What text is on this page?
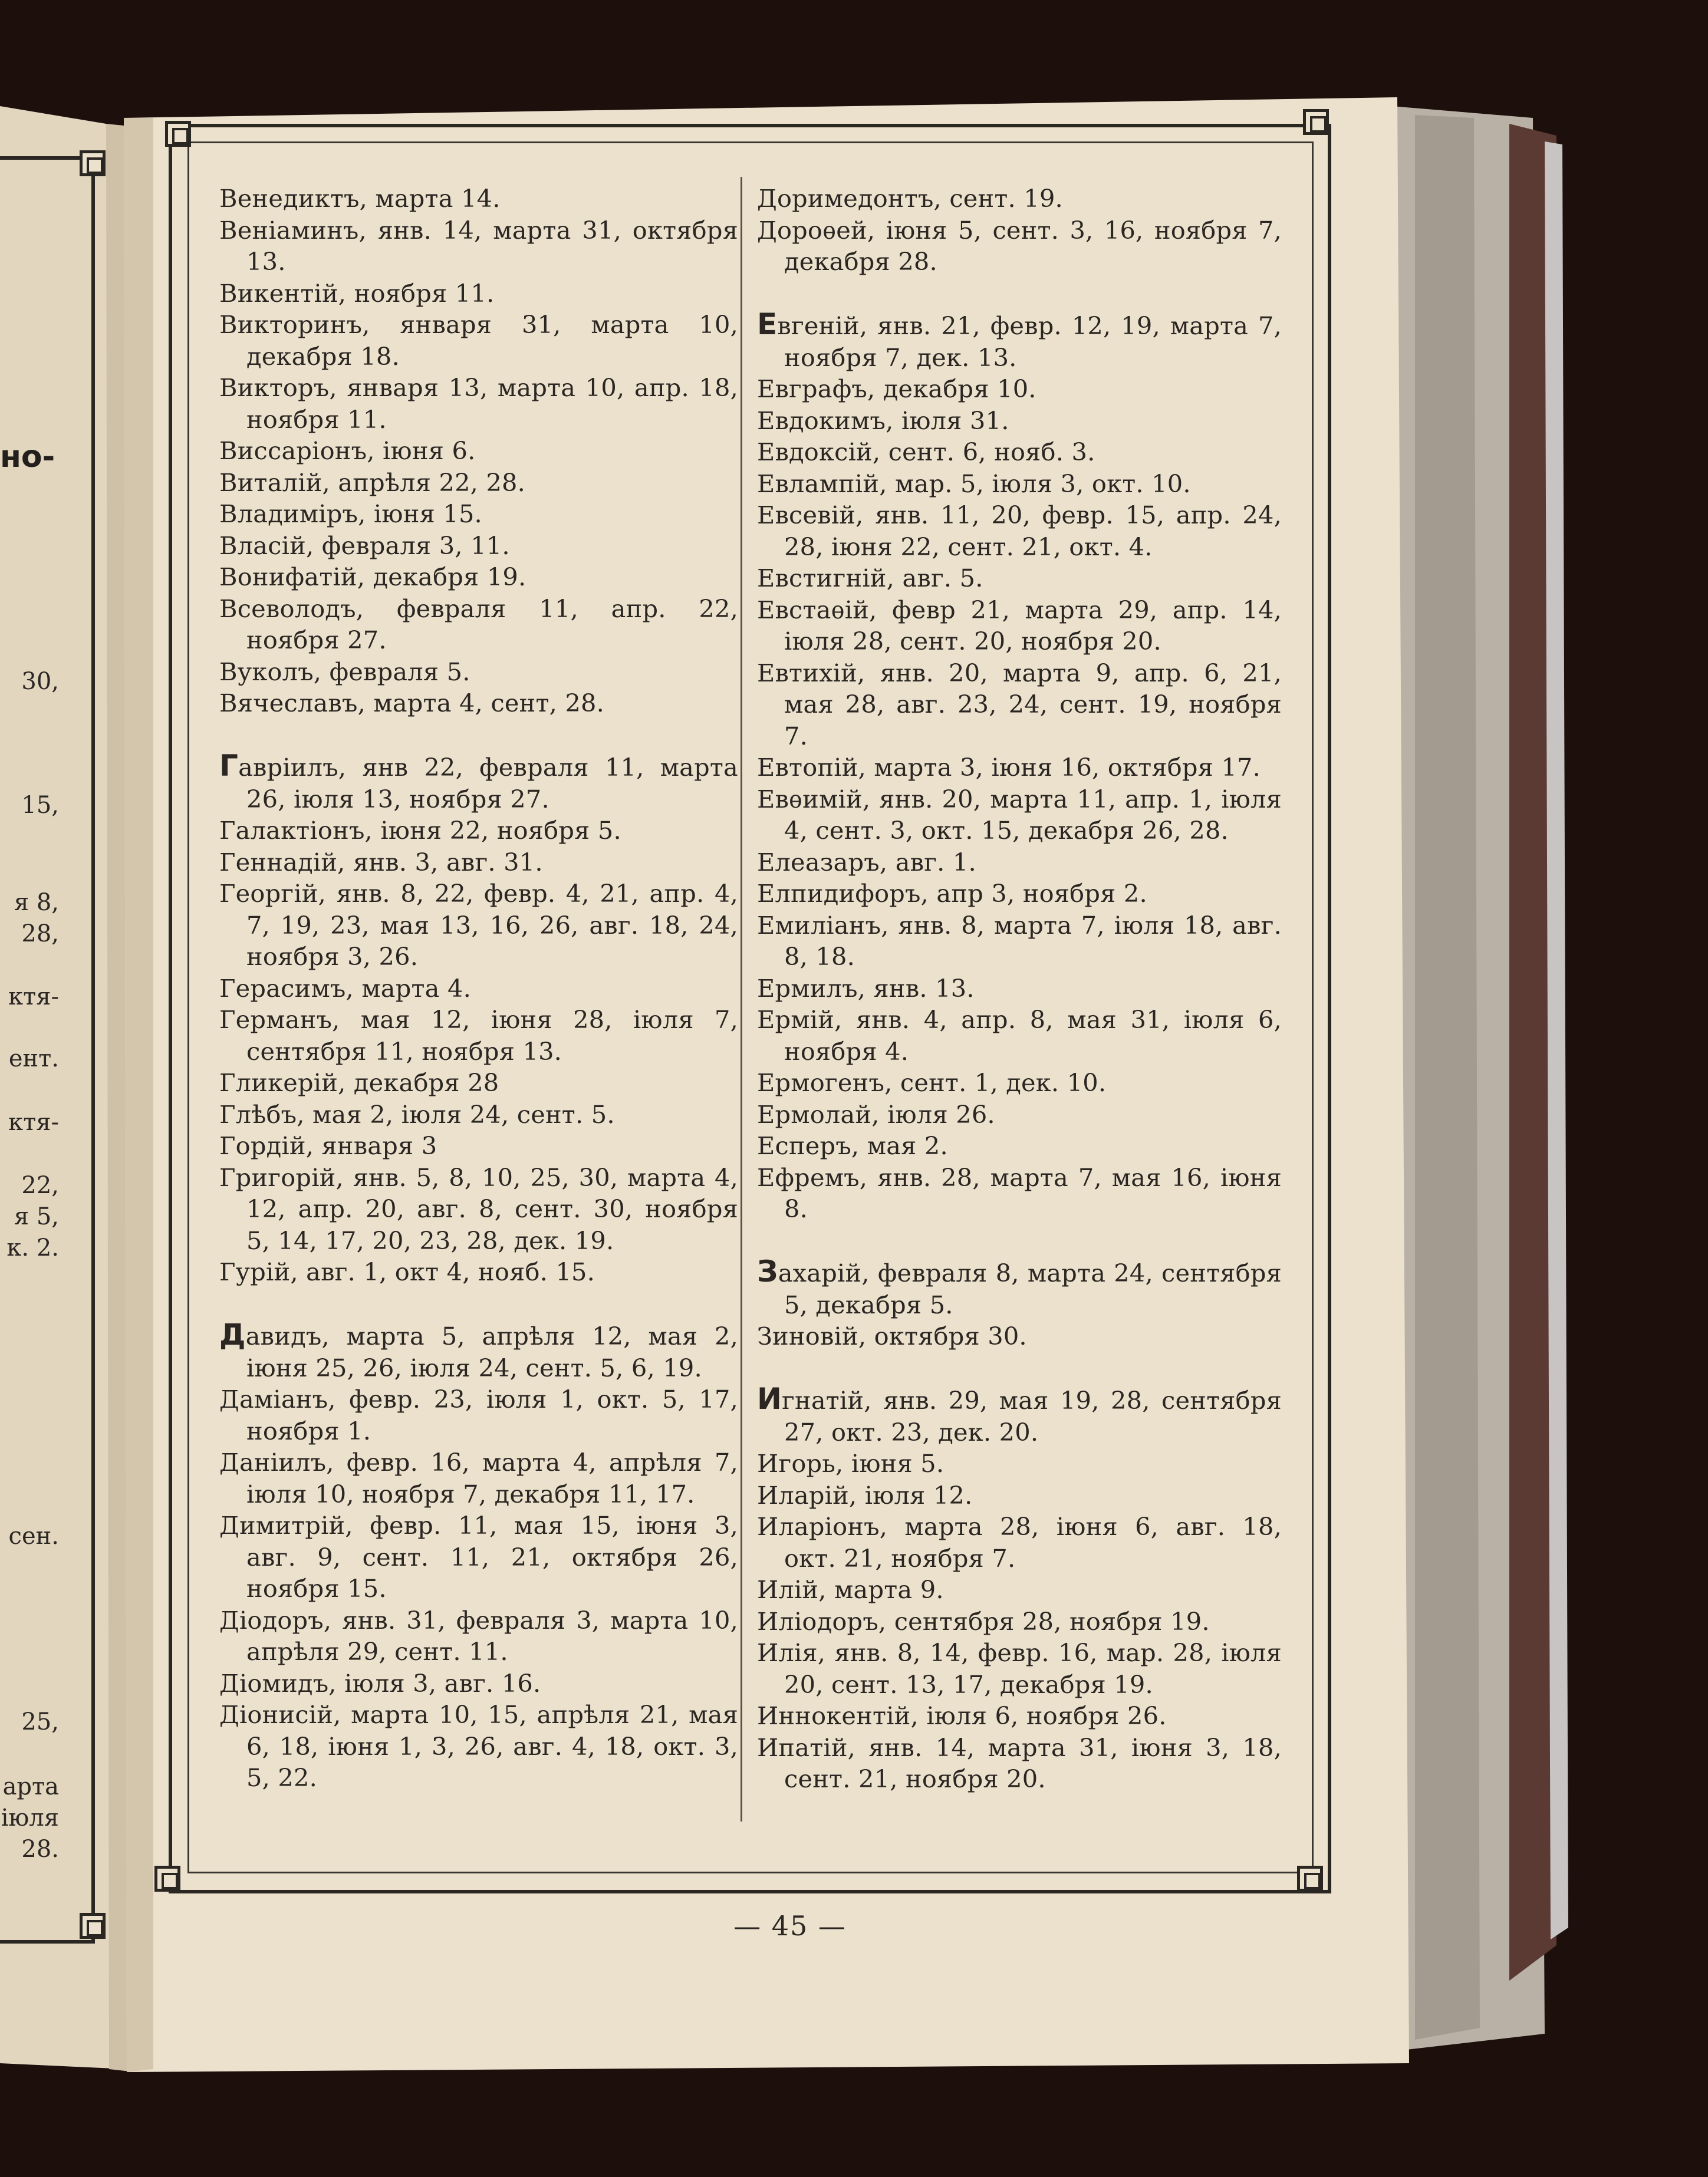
но-
30,
15,
я 8,
28,
ктя-
ент.
ктя-
22,
я 5,
к. 2.
сен.
25,
арта
іюля
28.
Венедиктъ, марта 14.
Веніаминъ, янв. 14, марта 31, октября 13.
Викентій, ноября 11.
Викторинъ, января 31, марта 10, декабря 18.
Викторъ, января 13, марта 10, апр. 18, ноября 11.
Виссаріонъ, іюня 6.
Виталій, апрѣля 22, 28.
Владиміръ, іюня 15.
Власій, февраля 3, 11.
Вонифатій, декабря 19.
Всеволодъ, февраля 11, апр. 22, ноября 27.
Вуколъ, февраля 5.
Вячеславъ, марта 4, сент, 28.
Гавріилъ, янв 22, февраля 11, марта 26, іюля 13, ноября 27.
Галактіонъ, іюня 22, ноября 5.
Геннадій, янв. 3, авг. 31.
Георгій, янв. 8, 22, февр. 4, 21, апр. 4, 7, 19, 23, мая 13, 16, 26, авг. 18, 24, ноября 3, 26.
Герасимъ, марта 4.
Германъ, мая 12, іюня 28, іюля 7, сентября 11, ноября 13.
Гликерій, декабря 28
Глѣбъ, мая 2, іюля 24, сент. 5.
Гордій, января 3
Григорій, янв. 5, 8, 10, 25, 30, марта 4, 12, апр. 20, авг. 8, сент. 30, ноября 5, 14, 17, 20, 23, 28, дек. 19.
Гурій, авг. 1, окт 4, нояб. 15.
Давидъ, марта 5, апрѣля 12, мая 2, іюня 25, 26, іюля 24, сент. 5, 6, 19.
Даміанъ, февр. 23, іюля 1, окт. 5, 17, ноября 1.
Даніилъ, февр. 16, марта 4, апрѣля 7, іюля 10, ноября 7, декабря 11, 17.
Димитрій, февр. 11, мая 15, іюня 3, авг. 9, сент. 11, 21, октября 26, ноября 15.
Діодоръ, янв. 31, февраля 3, марта 10, апрѣля 29, сент. 11.
Діомидъ, іюля 3, авг. 16.
Діонисій, марта 10, 15, апрѣля 21, мая 6, 18, іюня 1, 3, 26, авг. 4, 18, окт. 3, 5, 22.
Доримедонтъ, сент. 19.
Дороѳей, іюня 5, сент. 3, 16, ноября 7, декабря 28.
Евгеній, янв. 21, февр. 12, 19, марта 7, ноября 7, дек. 13.
Евграфъ, декабря 10.
Евдокимъ, іюля 31.
Евдоксій, сент. 6, нояб. 3.
Евлампій, мар. 5, іюля 3, окт. 10.
Евсевій, янв. 11, 20, февр. 15, апр. 24, 28, іюня 22, сент. 21, окт. 4.
Евстигній, авг. 5.
Евстаѳій, февр 21, марта 29, апр. 14, іюля 28, сент. 20, ноября 20.
Евтихій, янв. 20, марта 9, апр. 6, 21, мая 28, авг. 23, 24, сент. 19, ноября 7.
Евтопій, марта 3, іюня 16, октября 17.
Евѳимій, янв. 20, марта 11, апр. 1, іюля 4, сент. 3, окт. 15, декабря 26, 28.
Елеазаръ, авг. 1.
Елпидифоръ, апр 3, ноября 2.
Емиліанъ, янв. 8, марта 7, іюля 18, авг. 8, 18.
Ермилъ, янв. 13.
Ермій, янв. 4, апр. 8, мая 31, іюля 6, ноября 4.
Ермогенъ, сент. 1, дек. 10.
Ермолай, іюля 26.
Есперъ, мая 2.
Ефремъ, янв. 28, марта 7, мая 16, іюня 8.
Захарій, февраля 8, марта 24, сентября 5, декабря 5.
Зиновій, октября 30.
Игнатій, янв. 29, мая 19, 28, сентября 27, окт. 23, дек. 20.
Игорь, іюня 5.
Иларій, іюля 12.
Иларіонъ, марта 28, іюня 6, авг. 18, окт. 21, ноября 7.
Илій, марта 9.
Иліодоръ, сентября 28, ноября 19.
Илія, янв. 8, 14, февр. 16, мар. 28, іюля 20, сент. 13, 17, декабря 19.
Иннокентій, іюля 6, ноября 26.
Ипатій, янв. 14, марта 31, іюня 3, 18, сент. 21, ноября 20.
— 45 —
